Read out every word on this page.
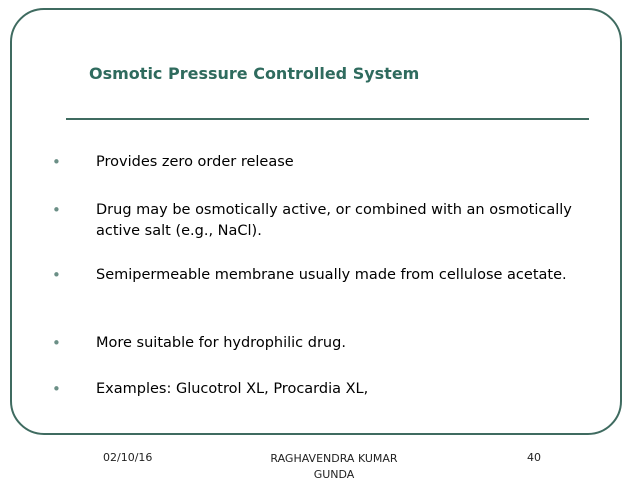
Osmotic Pressure Controlled System
• Provides zero order release
• Drug may be osmotically active, or combined with an osmotically active salt (e.g., NaCl).
• Semipermeable membrane usually made from cellulose acetate.
• More suitable for hydrophilic drug.
• Examples: Glucotrol XL, Procardia XL,
02/10/16	RAGHAVENDRA KUMAR GUNDA
40
